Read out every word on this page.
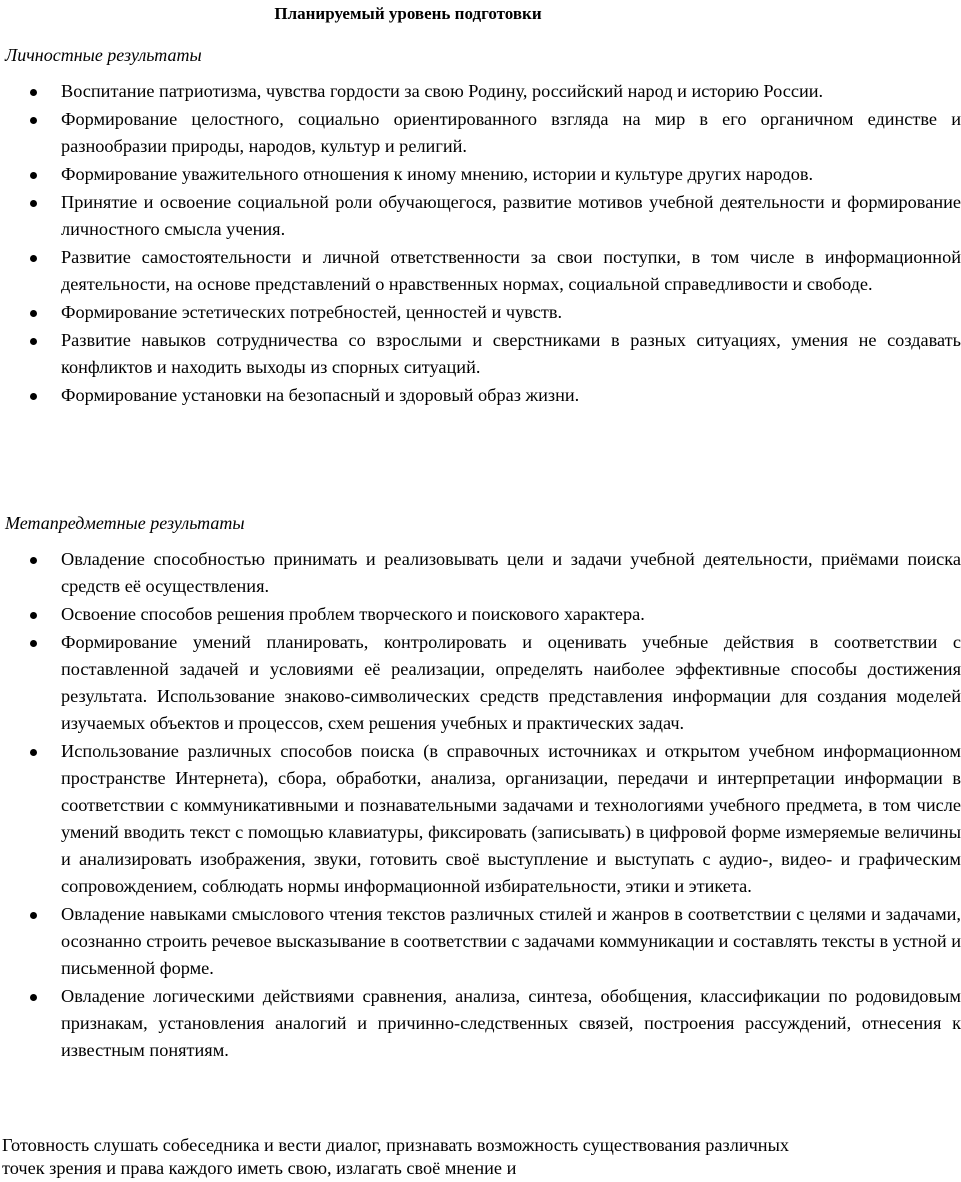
Планируемый уровень подготовки
Личностные результаты
Воспитание патриотизма, чувства гордости за свою Родину, российский народ и историю России.
Формирование целостного, социально ориентированного взгляда на мир в его органичном единстве и разнообразии природы, народов, культур и религий.
Формирование уважительного отношения к иному мнению, истории и культуре других народов.
Принятие и освоение социальной роли обучающегося, развитие мотивов учебной деятельности и формирование личностного смысла учения.
Развитие самостоятельности и личной ответственности за свои поступки, в том числе в информационной деятельности, на основе представлений о нравственных нормах, социальной справедливости и свободе.
Формирование эстетических потребностей, ценностей и чувств.
Развитие навыков сотрудничества со взрослыми и сверстниками в разных ситуациях, умения не создавать конфликтов и находить выходы из спорных ситуаций.
Формирование установки на безопасный и здоровый образ жизни.
Метапредметные результаты
Овладение способностью принимать и реализовывать цели и задачи учебной деятельности, приёмами поиска средств её осуществления.
Освоение способов решения проблем творческого и поискового характера.
Формирование умений планировать, контролировать и оценивать учебные действия в соответствии с поставленной задачей и условиями её реализации, определять наиболее эффективные способы достижения результата. Использование знаково-символических средств представления информации для создания моделей изучаемых объектов и процессов, схем решения учебных и практических задач.
Использование различных способов поиска (в справочных источниках и открытом учебном информационном пространстве Интернета), сбора, обработки, анализа, организации, передачи и интерпретации информации в соответствии с коммуникативными и познавательными задачами и технологиями учебного предмета, в том числе умений вводить текст с помощью клавиатуры, фиксировать (записывать) в цифровой форме измеряемые величины и анализировать изображения, звуки, готовить своё выступление и выступать с аудио-, видео- и графическим сопровождением, соблюдать нормы информационной избирательности, этики и этикета.
Овладение навыками смыслового чтения текстов различных стилей и жанров в соответствии с целями и задачами, осознанно строить речевое высказывание в соответствии с задачами коммуникации и составлять тексты в устной и письменной форме.
Овладение логическими действиями сравнения, анализа, синтеза, обобщения, классификации по родовидовым признакам, установления аналогий и причинно-следственных связей, построения рассуждений, отнесения к известным понятиям.
Готовность слушать собеседника и вести диалог, признавать возможность существования различных точек зрения и права каждого иметь свою, излагать своё мнение и
